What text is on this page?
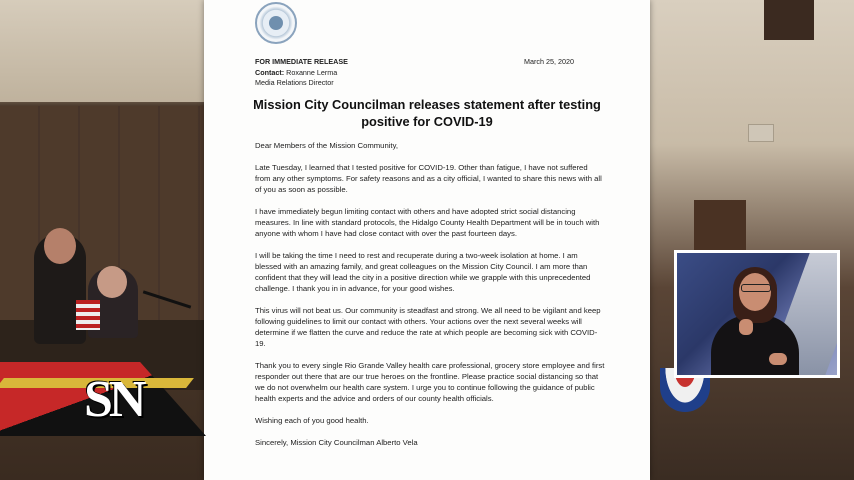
FOR IMMEDIATE RELEASE
Contact: Roxanne Lerma
Media Relations Director
March 25, 2020
Mission City Councilman releases statement after testing
positive for COVID-19

Dear Members of the Mission Community,

Late Tuesday, I learned that I tested positive for COVID-19. Other than fatigue, I have not suffered from any other symptoms. For safety reasons and as a city official, I wanted to share this news with all of you as soon as possible.

I have immediately begun limiting contact with others and have adopted strict social distancing measures. In line with standard protocols, the Hidalgo County Health Department will be in touch with anyone with whom I have had close contact with over the past fourteen days.

I will be taking the time I need to rest and recuperate during a two-week isolation at home. I am blessed with an amazing family, and great colleagues on the Mission City Council. I am more than confident that they will lead the city in a positive direction while we grapple with this unprecedented challenge. I thank you in in advance, for your good wishes.

This virus will not beat us. Our community is steadfast and strong. We all need to be vigilant and keep following guidelines to limit our contact with others. Your actions over the next several weeks will determine if we flatten the curve and reduce the rate at which people are becoming sick with COVID-19.

Thank you to every single Rio Grande Valley health care professional, grocery store employee and first responder out there that are our true heroes on the frontline. Please practice social distancing so that we do not overwhelm our health care system. I urge you to continue following the guidance of public health experts and the advice and orders of our county health officials.

Wishing each of you good health.

Sincerely, Mission City Councilman Alberto Vela

SN
